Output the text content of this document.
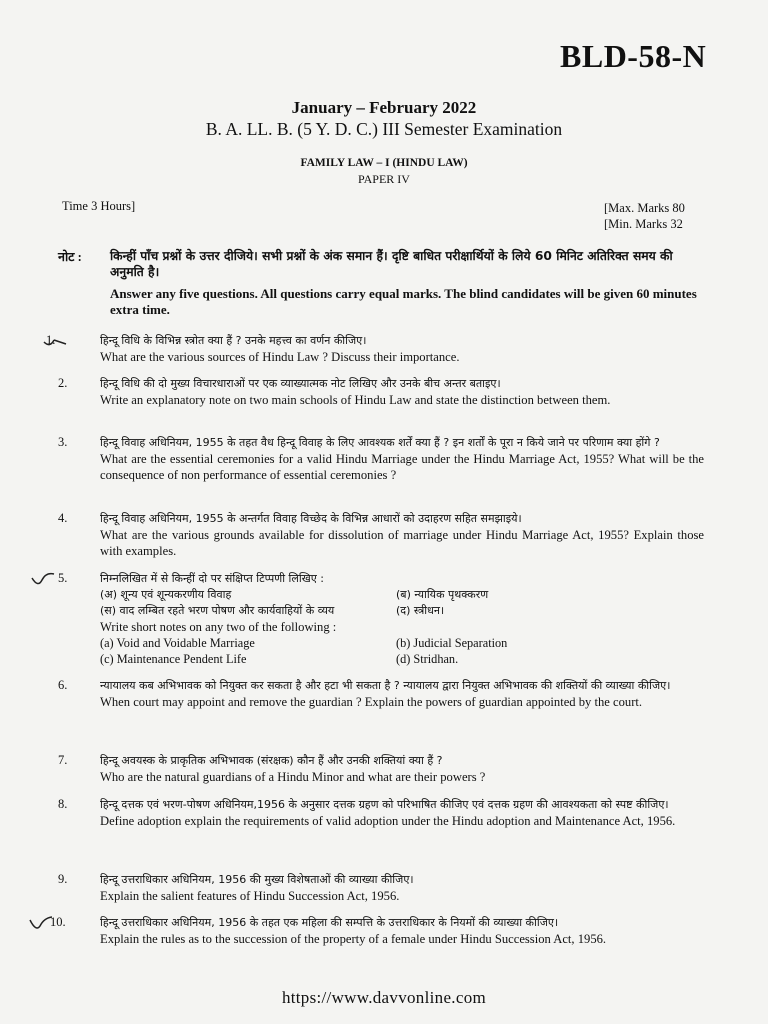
BLD-58-N
January – February 2022
B. A. LL. B. (5 Y. D. C.) III Semester Examination
FAMILY LAW – I (HINDU LAW)
PAPER IV
Time 3 Hours]	[Max. Marks 80
[Min. Marks 32
नोट : किन्हीं पाँच प्रश्नों के उत्तर दीजिये। सभी प्रश्नों के अंक समान हैं। दृष्टि बाधित परीक्षार्थियों के लिये 60 मिनिट अतिरिक्त समय की अनुमति है।
Answer any five questions. All questions carry equal marks. The blind candidates will be given 60 minutes extra time.
1.	हिन्दू विधि के विभिन्न स्त्रोत क्या हैं ? उनके महत्त्व का वर्णन कीजिए।
What are the various sources of Hindu Law ? Discuss their importance.
2.	हिन्दू विधि की दो मुख्य विचारधाराओं पर एक व्याख्यात्मक नोट लिखिए और उनके बीच अन्तर बताइए।
Write an explanatory note on two main schools of Hindu Law and state the distinction between them.
3.	हिन्दू विवाह अधिनियम, 1955 के तहत वैध हिन्दू विवाह के लिए आवश्यक शर्तें क्या हैं ? इन शर्तों के पूरा न किये जाने पर परिणाम क्या होंगे ?
What are the essential ceremonies for a valid Hindu Marriage under the Hindu Marriage Act, 1955? What will be the consequence of non performance of essential ceremonies ?
4.	हिन्दू विवाह अधिनियम, 1955 के अन्तर्गत विवाह विच्छेद के विभिन्न आधारों को उदाहरण सहित समझाइये।
What are the various grounds available for dissolution of marriage under Hindu Marriage Act, 1955? Explain those with examples.
5.	निम्नलिखित में से किन्हीं दो पर संक्षिप्त टिप्पणी लिखिए :
(अ) शून्य एवं शून्यकरणीय विवाह	(ब) न्यायिक पृथक्करण
(स) वाद लम्बित रहते भरण पोषण और कार्यवाहियों के व्यय	(द) स्त्रीधन।
Write short notes on any two of the following :
(a) Void and Voidable Marriage	(b) Judicial Separation
(c) Maintenance Pendent Life	(d) Stridhan.
6.	न्यायालय कब अभिभावक को नियुक्त कर सकता है और हटा भी सकता है ? न्यायालय द्वारा नियुक्त अभिभावक की शक्तियों की व्याख्या कीजिए।
When court may appoint and remove the guardian ? Explain the powers of guardian appointed by the court.
7.	हिन्दू अवयस्क के प्राकृतिक अभिभावक (संरक्षक) कौन हैं और उनकी शक्तियां क्या हैं ?
Who are the natural guardians of a Hindu Minor and what are their powers ?
8.	हिन्दू दत्तक एवं भरण-पोषण अधिनियम,1956 के अनुसार दत्तक ग्रहण को परिभाषित कीजिए एवं दत्तक ग्रहण की आवश्यकता को स्पष्ट कीजिए।
Define adoption explain the requirements of valid adoption under the Hindu adoption and Maintenance Act, 1956.
9.	हिन्दू उत्तराधिकार अधिनियम, 1956 की मुख्य विशेषताओं की व्याख्या कीजिए।
Explain the salient features of Hindu Succession Act, 1956.
10.	हिन्दू उत्तराधिकार अधिनियम, 1956 के तहत एक महिला की सम्पत्ति के उत्तराधिकार के नियमों की व्याख्या कीजिए।
Explain the rules as to the succession of the property of a female under Hindu Succession Act, 1956.
https://www.davvonline.com
